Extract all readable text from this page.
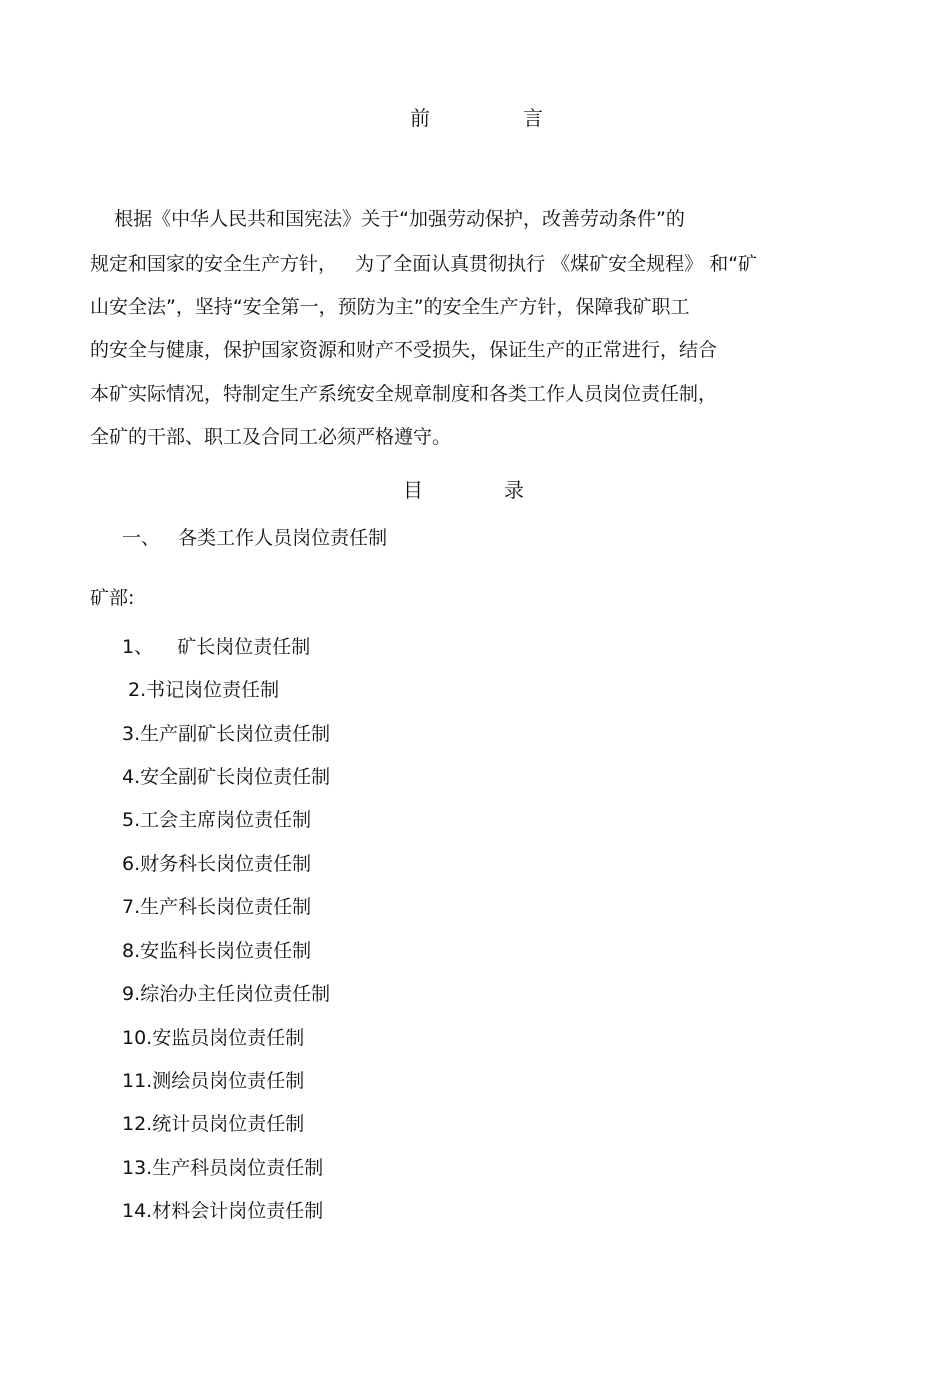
前	言
根据《中华人民共和国宪法》关于“加强劳动保护，改善劳动条件”的
规定和国家的安全生产方针，   为了全面认真贯彻执行 《煤矿安全规程》 和“矿
山安全法”，坚持“安全第一，预防为主”的安全生产方针，保障我矿职工
的安全与健康，保护国家资源和财产不受损失，保证生产的正常进行，结合
本矿实际情况，特制定生产系统安全规章制度和各类工作人员岗位责任制，
全矿的干部、职工及合同工必须严格遵守。
目	录
一、   各类工作人员岗位责任制
矿部:
1、    矿长岗位责任制
2.书记岗位责任制
3.生产副矿长岗位责任制
4.安全副矿长岗位责任制
5.工会主席岗位责任制
6.财务科长岗位责任制
7.生产科长岗位责任制
8.安监科长岗位责任制
9.综治办主任岗位责任制
10.安监员岗位责任制
11.测绘员岗位责任制
12.统计员岗位责任制
13.生产科员岗位责任制
14.材料会计岗位责任制
